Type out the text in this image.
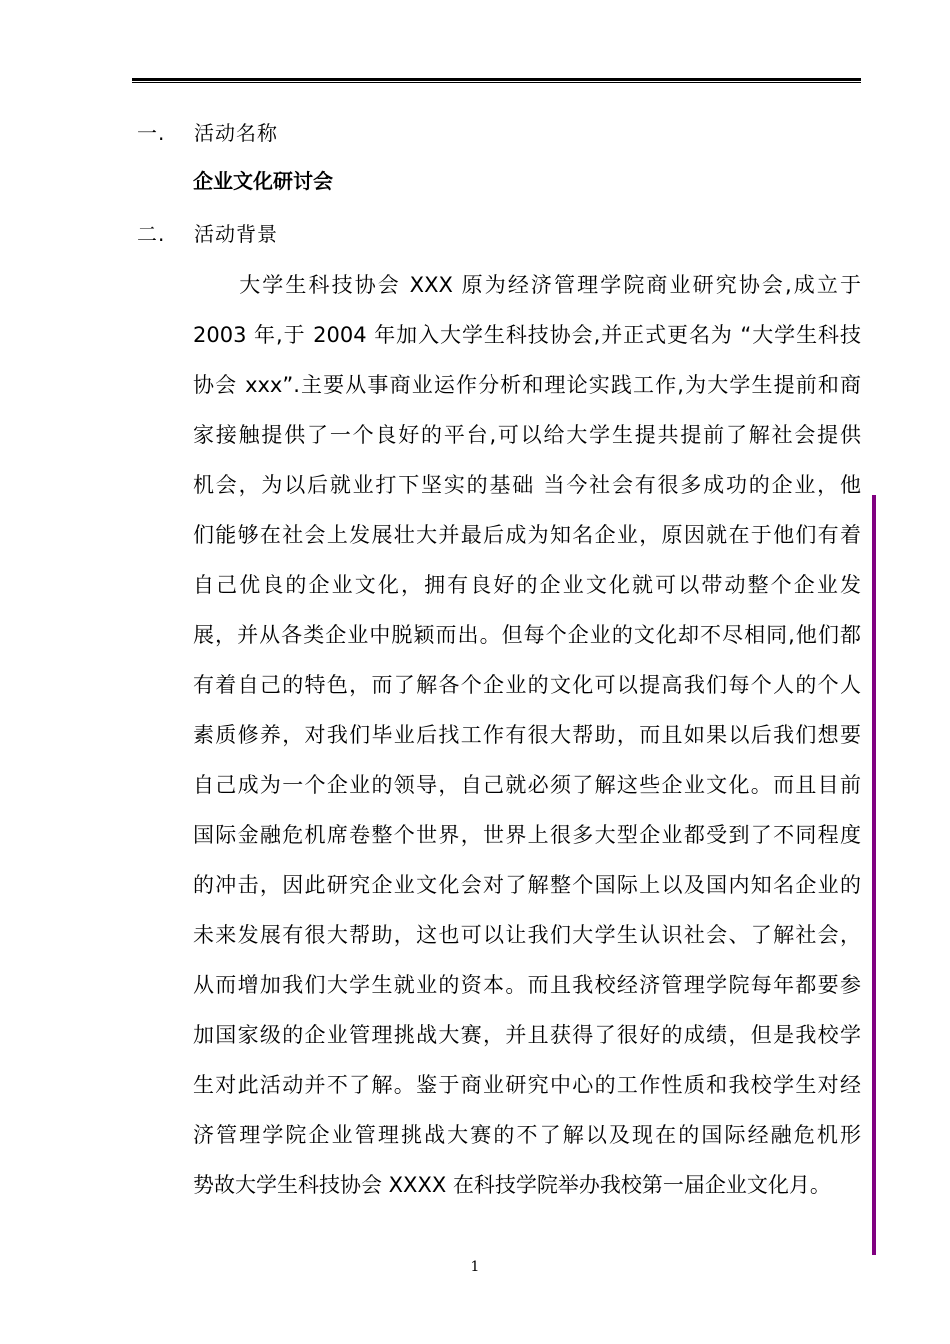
一.	活动名称
企业文化研讨会
二.	活动背景
　　大学生科技协会 XXX 原为经济管理学院商业研究协会,成立于
2003 年,于 2004 年加入大学生科技协会,并正式更名为 “大学生科技
协会 xxx”.主要从事商业运作分析和理论实践工作,为大学生提前和商
家接触提供了一个良好的平台,可以给大学生提共提前了解社会提供
机会，为以后就业打下坚实的基础 当今社会有很多成功的企业，他
们能够在社会上发展壮大并最后成为知名企业，原因就在于他们有着
自己优良的企业文化，拥有良好的企业文化就可以带动整个企业发
展，并从各类企业中脱颖而出。但每个企业的文化却不尽相同,他们都
有着自己的特色，而了解各个企业的文化可以提高我们每个人的个人
素质修养，对我们毕业后找工作有很大帮助，而且如果以后我们想要
自己成为一个企业的领导，自己就必须了解这些企业文化。而且目前
国际金融危机席卷整个世界，世界上很多大型企业都受到了不同程度
的冲击，因此研究企业文化会对了解整个国际上以及国内知名企业的
未来发展有很大帮助，这也可以让我们大学生认识社会、了解社会，
从而增加我们大学生就业的资本。而且我校经济管理学院每年都要参
加国家级的企业管理挑战大赛，并且获得了很好的成绩，但是我校学
生对此活动并不了解。鉴于商业研究中心的工作性质和我校学生对经
济管理学院企业管理挑战大赛的不了解以及现在的国际经融危机形
势故大学生科技协会 XXXX 在科技学院举办我校第一届企业文化月。
1
